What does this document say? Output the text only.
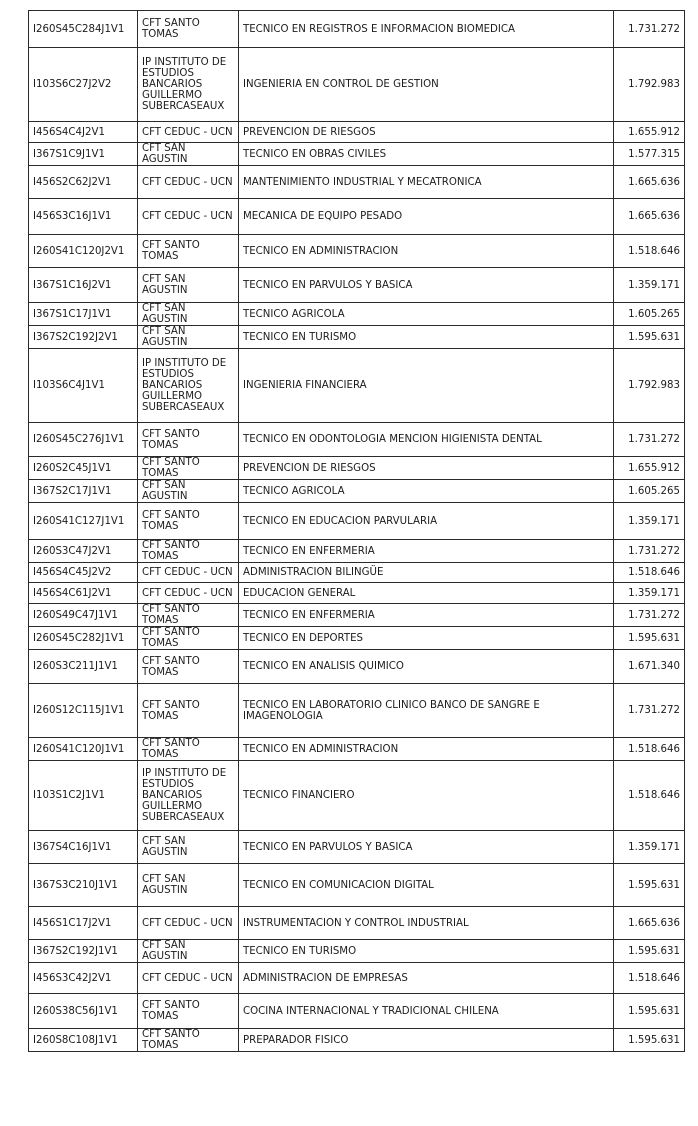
I260S45C284J1V1	CFT SANTO TOMAS	TECNICO EN REGISTROS E INFORMACION BIOMEDICA	1.731.272
I103S6C27J2V2	IP INSTITUTO DE ESTUDIOS BANCARIOS GUILLERMO SUBERCASEAUX	INGENIERIA EN CONTROL DE GESTION	1.792.983
I456S4C4J2V1	CFT CEDUC - UCN	PREVENCION DE RIESGOS	1.655.912
I367S1C9J1V1	CFT SAN AGUSTIN	TECNICO EN OBRAS CIVILES	1.577.315
I456S2C62J2V1	CFT CEDUC - UCN	MANTENIMIENTO INDUSTRIAL Y MECATRONICA	1.665.636
I456S3C16J1V1	CFT CEDUC - UCN	MECANICA DE EQUIPO PESADO	1.665.636
I260S41C120J2V1	CFT SANTO TOMAS	TECNICO EN ADMINISTRACION	1.518.646
I367S1C16J2V1	CFT SAN AGUSTIN	TECNICO EN PARVULOS Y BASICA	1.359.171
I367S1C17J1V1	CFT SAN AGUSTIN	TECNICO AGRICOLA	1.605.265
I367S2C192J2V1	CFT SAN AGUSTIN	TECNICO EN TURISMO	1.595.631
I103S6C4J1V1	IP INSTITUTO DE ESTUDIOS BANCARIOS GUILLERMO SUBERCASEAUX	INGENIERIA FINANCIERA	1.792.983
I260S45C276J1V1	CFT SANTO TOMAS	TECNICO EN ODONTOLOGIA MENCION HIGIENISTA DENTAL	1.731.272
I260S2C45J1V1	CFT SANTO TOMAS	PREVENCION DE RIESGOS	1.655.912
I367S2C17J1V1	CFT SAN AGUSTIN	TECNICO AGRICOLA	1.605.265
I260S41C127J1V1	CFT SANTO TOMAS	TECNICO EN EDUCACION PARVULARIA	1.359.171
I260S3C47J2V1	CFT SANTO TOMAS	TECNICO EN ENFERMERIA	1.731.272
I456S4C45J2V2	CFT CEDUC - UCN	ADMINISTRACION BILINGÜE	1.518.646
I456S4C61J2V1	CFT CEDUC - UCN	EDUCACION GENERAL	1.359.171
I260S49C47J1V1	CFT SANTO TOMAS	TECNICO EN ENFERMERIA	1.731.272
I260S45C282J1V1	CFT SANTO TOMAS	TECNICO EN DEPORTES	1.595.631
I260S3C211J1V1	CFT SANTO TOMAS	TECNICO EN ANALISIS QUIMICO	1.671.340
I260S12C115J1V1	CFT SANTO TOMAS	TECNICO EN LABORATORIO CLINICO BANCO DE SANGRE E IMAGENOLOGIA	1.731.272
I260S41C120J1V1	CFT SANTO TOMAS	TECNICO EN ADMINISTRACION	1.518.646
I103S1C2J1V1	IP INSTITUTO DE ESTUDIOS BANCARIOS GUILLERMO SUBERCASEAUX	TECNICO FINANCIERO	1.518.646
I367S4C16J1V1	CFT SAN AGUSTIN	TECNICO EN PARVULOS Y BASICA	1.359.171
I367S3C210J1V1	CFT SAN AGUSTIN	TECNICO EN COMUNICACION DIGITAL	1.595.631
I456S1C17J2V1	CFT CEDUC - UCN	INSTRUMENTACION Y CONTROL INDUSTRIAL	1.665.636
I367S2C192J1V1	CFT SAN AGUSTIN	TECNICO EN TURISMO	1.595.631
I456S3C42J2V1	CFT CEDUC - UCN	ADMINISTRACION DE EMPRESAS	1.518.646
I260S38C56J1V1	CFT SANTO TOMAS	COCINA INTERNACIONAL Y TRADICIONAL CHILENA	1.595.631
I260S8C108J1V1	CFT SANTO TOMAS	PREPARADOR FISICO	1.595.631
